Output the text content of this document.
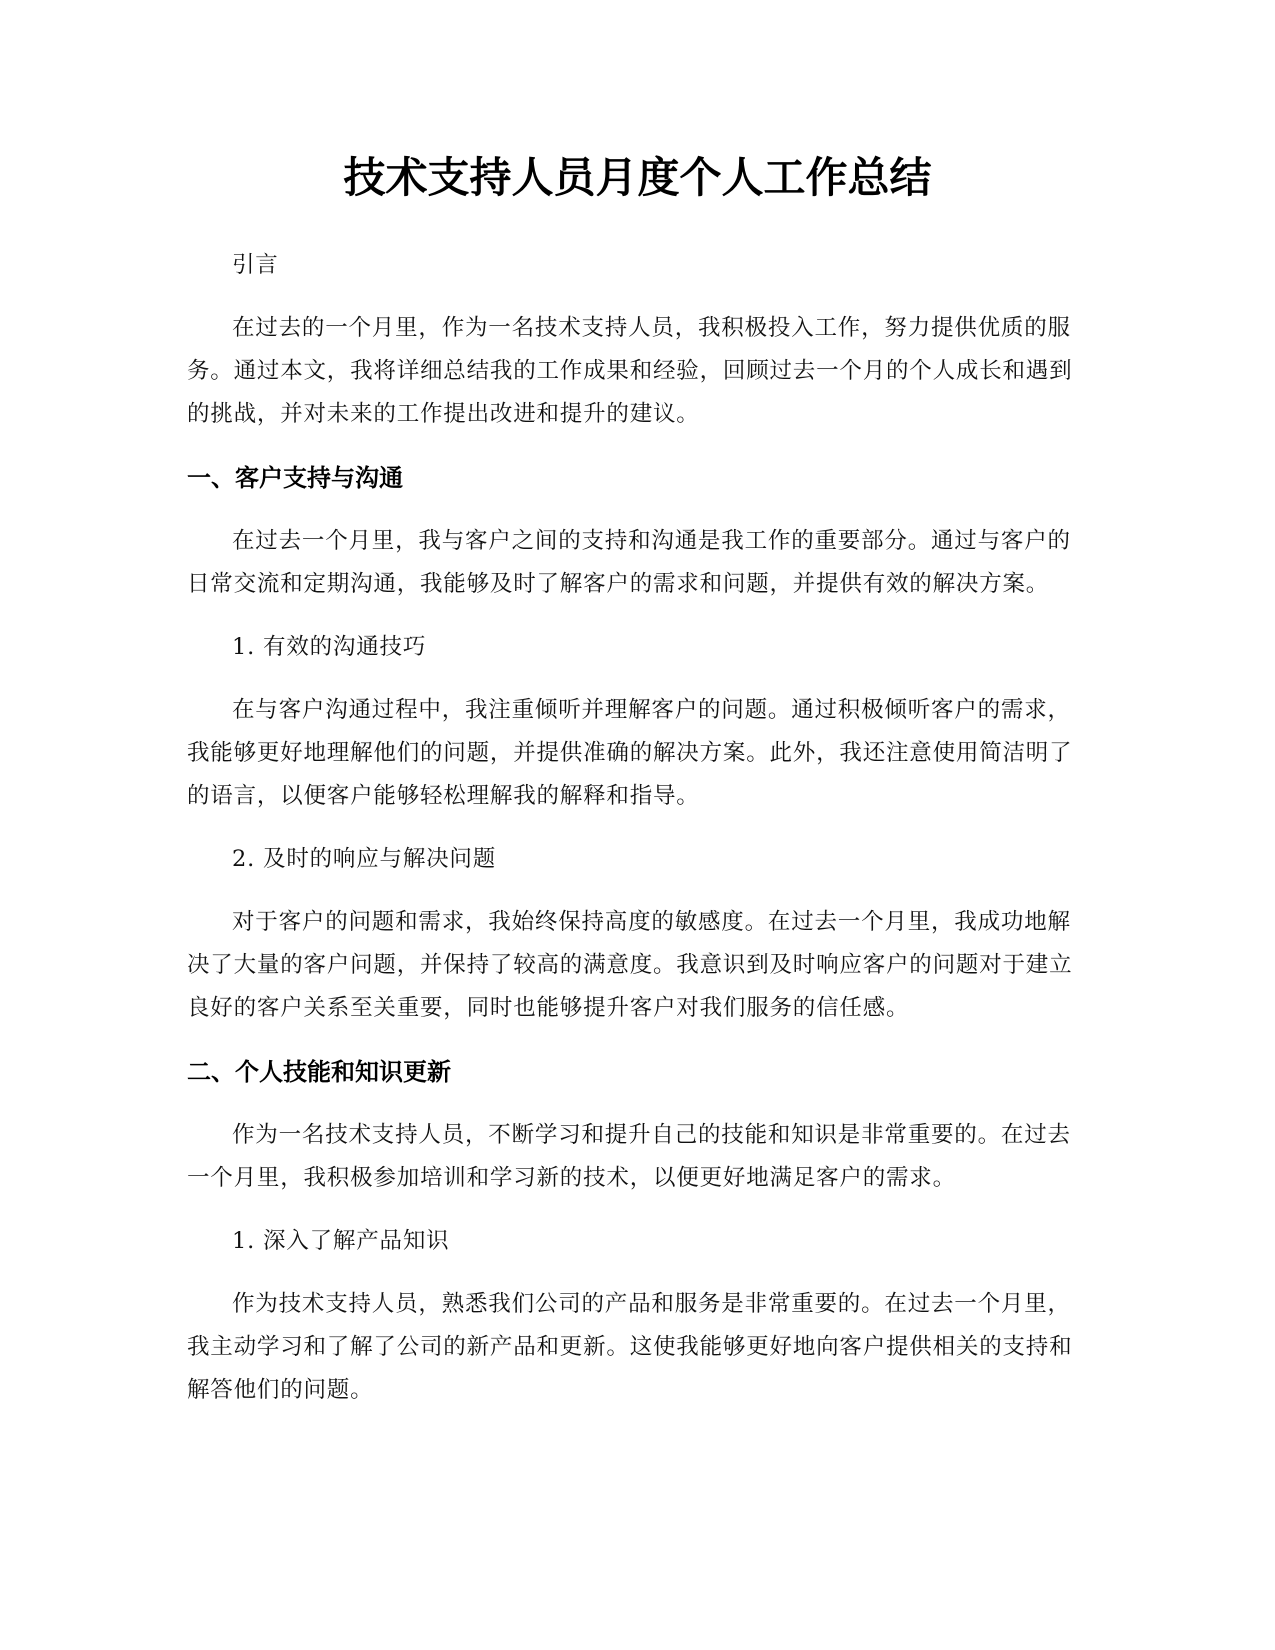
技术支持人员月度个人工作总结

引言

在过去的一个月里，作为一名技术支持人员，我积极投入工作，努力提供优质的服务。通过本文，我将详细总结我的工作成果和经验，回顾过去一个月的个人成长和遇到的挑战，并对未来的工作提出改进和提升的建议。

一、客户支持与沟通

在过去一个月里，我与客户之间的支持和沟通是我工作的重要部分。通过与客户的日常交流和定期沟通，我能够及时了解客户的需求和问题，并提供有效的解决方案。

1. 有效的沟通技巧

在与客户沟通过程中，我注重倾听并理解客户的问题。通过积极倾听客户的需求，我能够更好地理解他们的问题，并提供准确的解决方案。此外，我还注意使用简洁明了的语言，以便客户能够轻松理解我的解释和指导。

2. 及时的响应与解决问题

对于客户的问题和需求，我始终保持高度的敏感度。在过去一个月里，我成功地解决了大量的客户问题，并保持了较高的满意度。我意识到及时响应客户的问题对于建立良好的客户关系至关重要，同时也能够提升客户对我们服务的信任感。

二、个人技能和知识更新

作为一名技术支持人员，不断学习和提升自己的技能和知识是非常重要的。在过去一个月里，我积极参加培训和学习新的技术，以便更好地满足客户的需求。

1. 深入了解产品知识

作为技术支持人员，熟悉我们公司的产品和服务是非常重要的。在过去一个月里，我主动学习和了解了公司的新产品和更新。这使我能够更好地向客户提供相关的支持和解答他们的问题。
